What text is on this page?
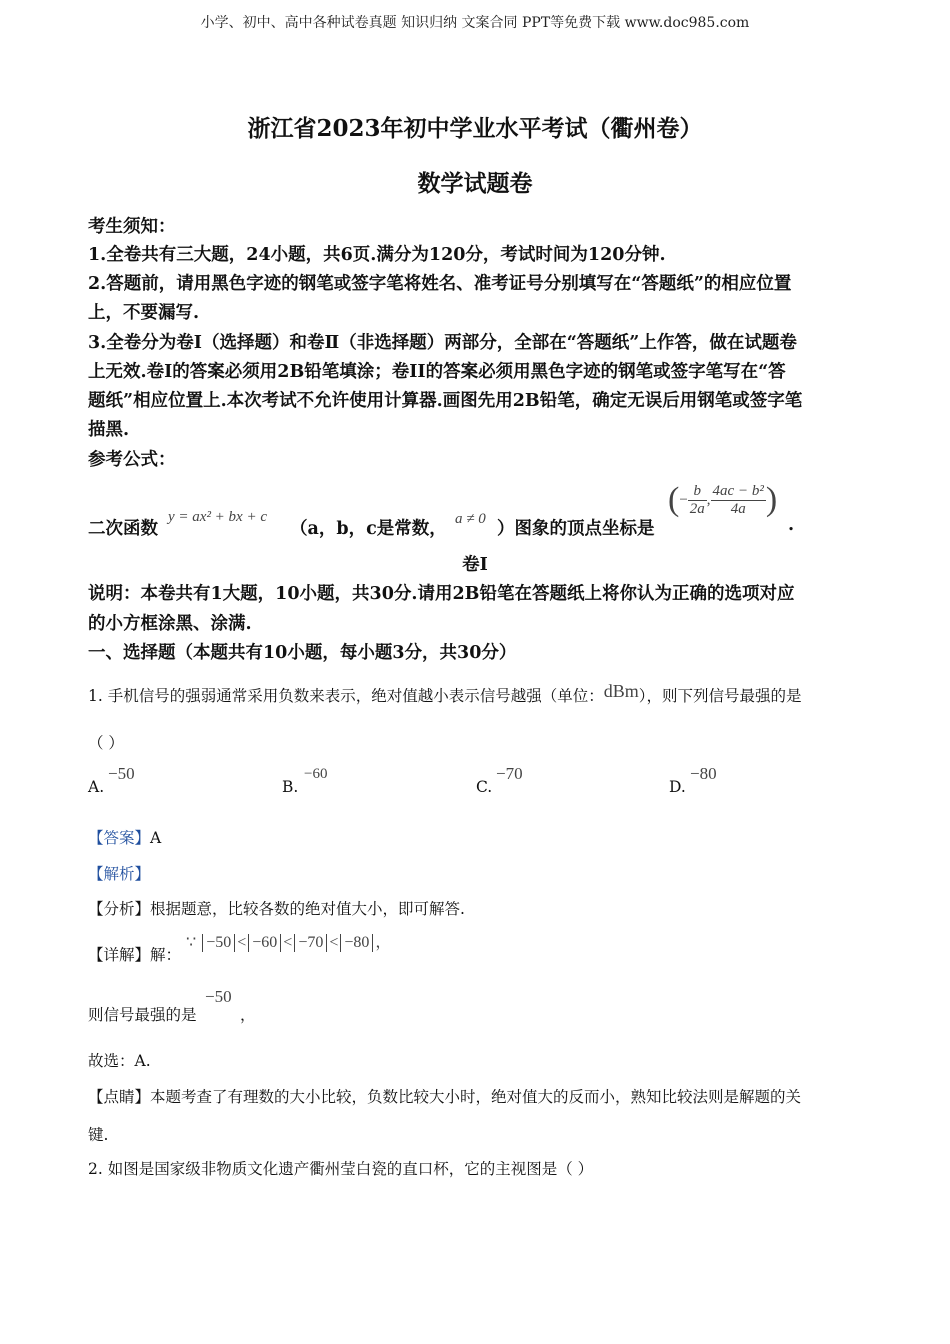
小学、初中、高中各种试卷真题 知识归纳 文案合同 PPT等免费下载 www.doc985.com
浙江省2023年初中学业水平考试（衢州卷）
数学试题卷
考生须知：
1.全卷共有三大题，24小题，共6页.满分为120分，考试时间为120分钟.
2.答题前，请用黑色字迹的钢笔或签字笔将姓名、准考证号分别填写在“答题纸”的相应位置
上，不要漏写.
3.全卷分为卷Ⅰ（选择题）和卷Ⅱ（非选择题）两部分，全部在“答题纸”上作答，做在试题卷
上无效.卷Ⅰ的答案必须用2B铅笔填涂；卷II的答案必须用黑色字迹的钢笔或签字笔写在“答
题纸”相应位置上.本次考试不允许使用计算器.画图先用2B铅笔，确定无误后用钢笔或签字笔
描黑.
参考公式：
二次函数
y = ax² + bx + c
（a，b，c是常数， a ≠ 0 ）图象的顶点坐标是
(− $\frac{b}{2a}$ , $\frac{\text{4ac − b²}}{4a}$ )
.
卷Ⅰ
说明：本卷共有1大题，10小题，共30分.请用2B铅笔在答题纸上将你认为正确的选项对应
的小方框涂黑、涂满.
一、选择题（本题共有10小题，每小题3分，共30分）
1. 手机信号的强弱通常采用负数来表示，绝对值越小表示信号越强（单位：dBm），则下列信号最强的是
（ ）
A.
−50
B.
−60
C.
−70
D.
−80
【答案】A
【解析】
【分析】根据题意，比较各数的绝对值大小，即可解答.
【详解】解：
∵ −50 < −60 < −70 < −80 ，
则信号最强的是
−50
，
故选：A.
【点睛】本题考查了有理数的大小比较，负数比较大小时，绝对值大的反而小，熟知比较法则是解题的关
键.
2. 如图是国家级非物质文化遗产衢州莹白瓷的直口杯，它的主视图是（ ）
